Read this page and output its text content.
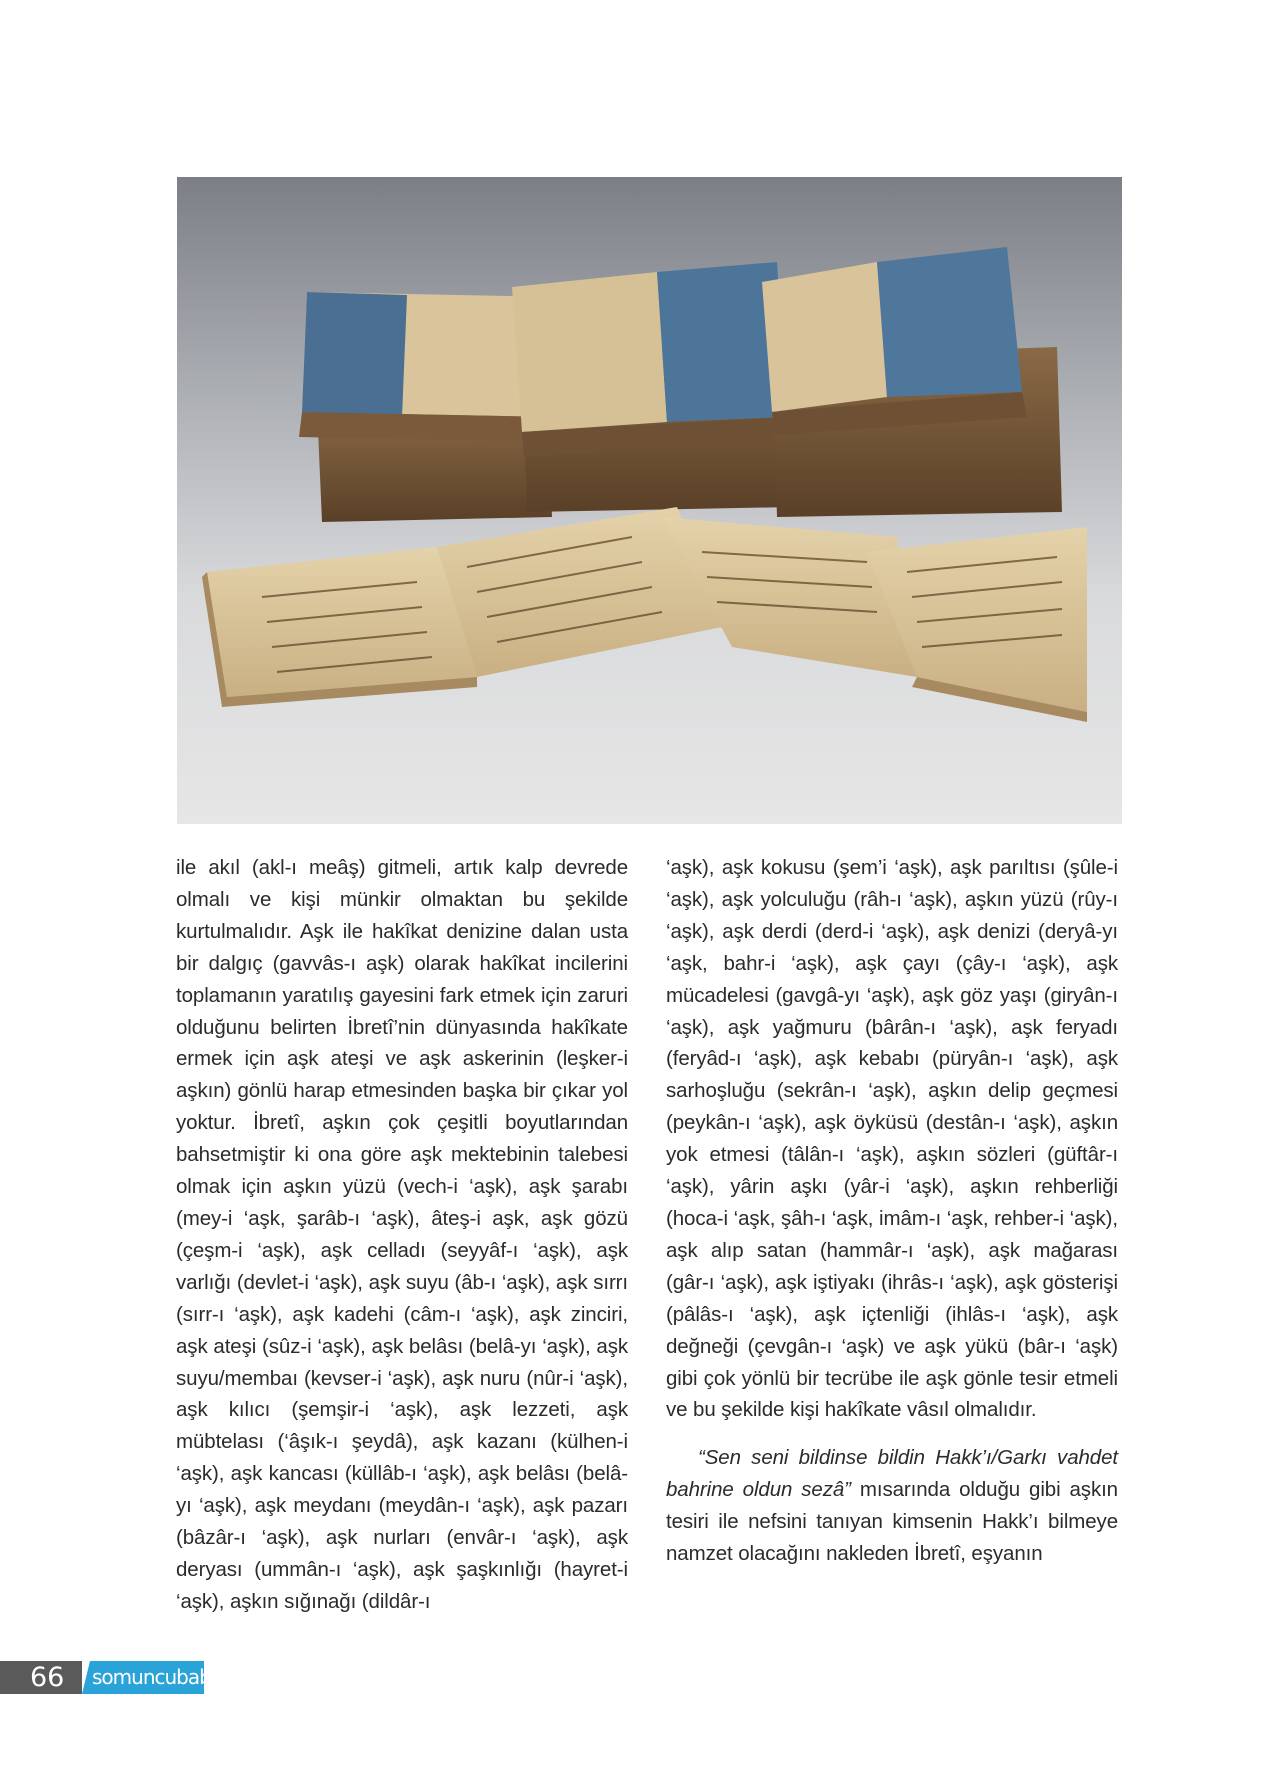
ile akıl (akl-ı meâş) gitmeli, artık kalp devrede olmalı ve kişi münkir olmaktan bu şekilde kurtulmalıdır. Aşk ile hakîkat denizine dalan usta bir dalgıç (gavvâs-ı aşk) olarak hakîkat incilerini toplamanın yaratılış gayesini fark etmek için zaruri olduğunu belirten İbretî’nin dünyasında hakîkate ermek için aşk ateşi ve aşk askerinin (leşker-i aşkın) gönlü harap etmesinden başka bir çıkar yol yoktur. İbretî, aşkın çok çeşitli boyutlarından bahsetmiştir ki ona göre aşk mektebinin talebesi olmak için aşkın yüzü (vech-i ‘aşk), aşk şarabı (mey-i ‘aşk, şarâb-ı ‘aşk), âteş-i aşk, aşk gözü (çeşm-i ‘aşk), aşk celladı (seyyâf-ı ‘aşk), aşk varlığı (devlet-i ‘aşk), aşk suyu (âb-ı ‘aşk), aşk sırrı (sırr-ı ‘aşk), aşk kadehi (câm-ı ‘aşk), aşk zinciri, aşk ateşi (sûz-i ‘aşk), aşk belâsı (belâ-yı ‘aşk), aşk suyu/membaı (kevser-i ‘aşk), aşk nuru (nûr-i ‘aşk), aşk kılıcı (şemşir-i ‘aşk), aşk lezzeti, aşk mübtelası (‘âşık-ı şeydâ), aşk kazanı (külhen-i ‘aşk), aşk kancası (küllâb-ı ‘aşk), aşk belâsı (belâ-yı ‘aşk), aşk meydanı (meydân-ı ‘aşk), aşk pazarı (bâzâr-ı ‘aşk), aşk nurları (envâr-ı ‘aşk), aşk deryası (ummân-ı ‘aşk), aşk şaşkınlığı (hayret-i ‘aşk), aşkın sığınağı (dildâr-ı

‘aşk), aşk kokusu (şem’i ‘aşk), aşk parıltısı (şûle-i ‘aşk), aşk yolculuğu (râh-ı ‘aşk), aşkın yüzü (rûy-ı ‘aşk), aşk derdi (derd-i ‘aşk), aşk denizi (deryâ-yı ‘aşk, bahr-i ‘aşk), aşk çayı (çây-ı ‘aşk), aşk mücadelesi (gavgâ-yı ‘aşk), aşk göz yaşı (giryân-ı ‘aşk), aşk yağmuru (bârân-ı ‘aşk), aşk feryadı (feryâd-ı ‘aşk), aşk kebabı (püryân-ı ‘aşk), aşk sarhoşluğu (sekrân-ı ‘aşk), aşkın delip geçmesi (peykân-ı ‘aşk), aşk öyküsü (destân-ı ‘aşk), aşkın yok etmesi (tâlân-ı ‘aşk), aşkın sözleri (güftâr-ı ‘aşk), yârin aşkı (yâr-i ‘aşk), aşkın rehberliği (hoca-i ‘aşk, şâh-ı ‘aşk, imâm-ı ‘aşk, rehber-i ‘aşk), aşk alıp satan (hammâr-ı ‘aşk), aşk mağarası (gâr-ı ‘aşk), aşk iştiyakı (ihrâs-ı ‘aşk), aşk gösterişi (pâlâs-ı ‘aşk), aşk içtenliği (ihlâs-ı ‘aşk), aşk değneği (çevgân-ı ‘aşk) ve aşk yükü (bâr-ı ‘aşk) gibi çok yönlü bir tecrübe ile aşk gönle tesir etmeli ve bu şekilde kişi hakîkate vâsıl olmalıdır.

“Sen seni bildinse bildin Hakk’ı/Garkı vahdet bahrine oldun sezâ” mısarında olduğu gibi aşkın tesiri ile nefsini tanıyan kimsenin Hakk’ı bilmeye namzet olacağını nakleden İbretî, eşyanın

66 somuncubaba
